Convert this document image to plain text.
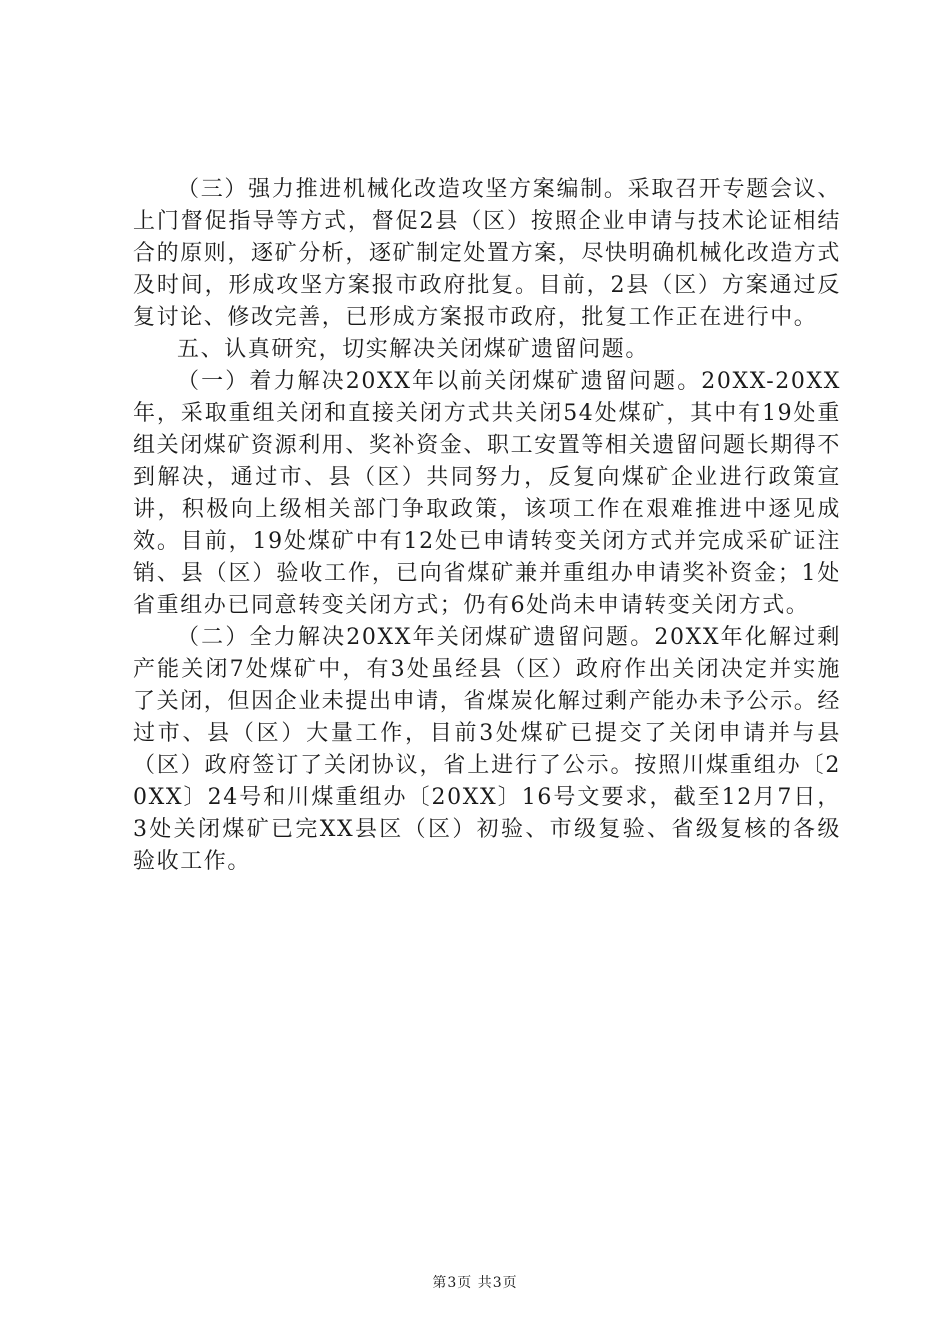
（三）强力推进机械化改造攻坚方案编制。采取召开专题会议、上门督促指导等方式，督促2县（区）按照企业申请与技术论证相结合的原则，逐矿分析，逐矿制定处置方案，尽快明确机械化改造方式及时间，形成攻坚方案报市政府批复。目前，2县（区）方案通过反复讨论、修改完善，已形成方案报市政府，批复工作正在进行中。

五、认真研究，切实解决关闭煤矿遗留问题。

（一）着力解决20XX年以前关闭煤矿遗留问题。20XX-20XX年，采取重组关闭和直接关闭方式共关闭54处煤矿，其中有19处重组关闭煤矿资源利用、奖补资金、职工安置等相关遗留问题长期得不到解决，通过市、县（区）共同努力，反复向煤矿企业进行政策宣讲，积极向上级相关部门争取政策，该项工作在艰难推进中逐见成效。目前，19处煤矿中有12处已申请转变关闭方式并完成采矿证注销、县（区）验收工作，已向省煤矿兼并重组办申请奖补资金；1处省重组办已同意转变关闭方式；仍有6处尚未申请转变关闭方式。

（二）全力解决20XX年关闭煤矿遗留问题。20XX年化解过剩产能关闭7处煤矿中，有3处虽经县（区）政府作出关闭决定并实施了关闭，但因企业未提出申请，省煤炭化解过剩产能办未予公示。经过市、县（区）大量工作，目前3处煤矿已提交了关闭申请并与县（区）政府签订了关闭协议，省上进行了公示。按照川煤重组办〔20XX〕24号和川煤重组办〔20XX〕16号文要求，截至12月7日，3处关闭煤矿已完XX县区（区）初验、市级复验、省级复核的各级验收工作。

第3页 共3页
